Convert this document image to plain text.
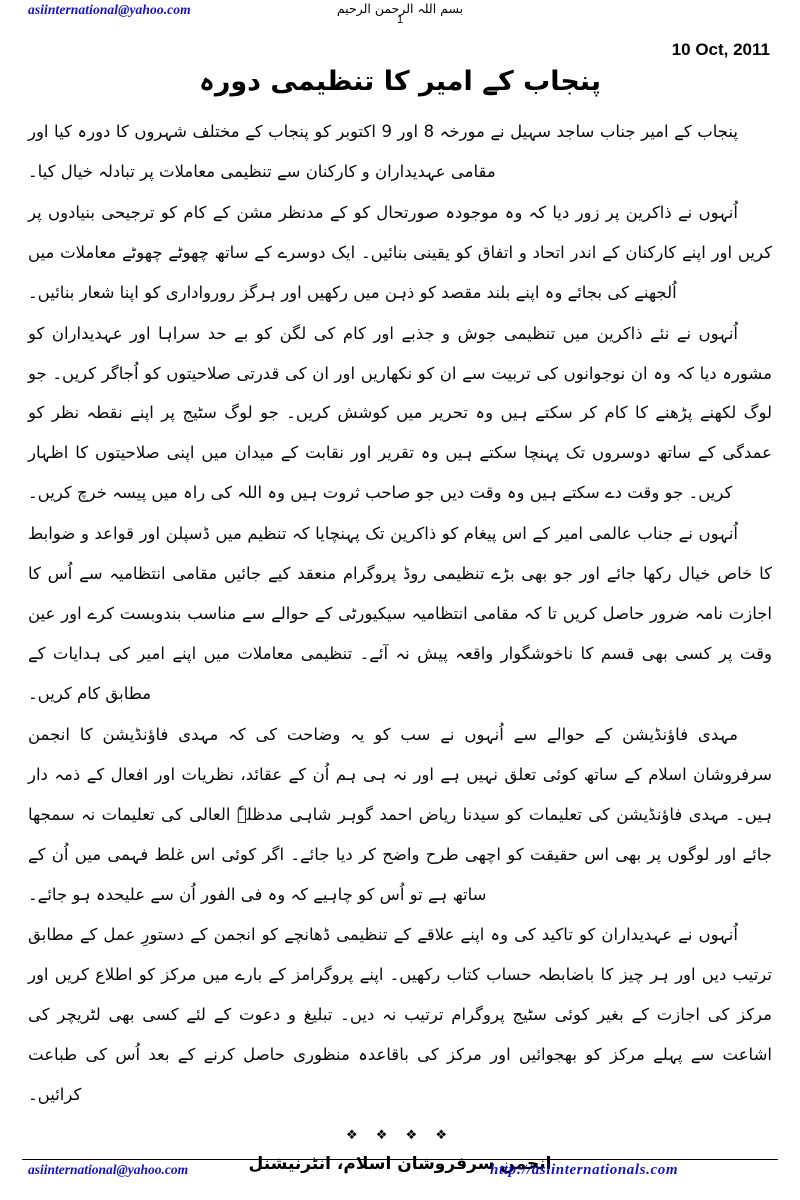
asiinternational@yahoo.com	بسم اللہ الرحمن الرحیم
1
10 Oct, 2011
پنجاب کے امیر کا تنظیمی دورہ

پنجاب کے امیر جناب ساجد سہیل نے مورخہ 8 اور 9 اکتوبر کو پنجاب کے مختلف شہروں کا دورہ کیا اور مقامی عہدیداران و کارکنان سے تنظیمی معاملات پر تبادلہ خیال کیا۔

اُنہوں نے ذاکرین پر زور دیا کہ وہ موجودہ صورتحال کو کے مدنظر مشن کے کام کو ترجیحی بنیادوں پر کریں اور اپنے کارکنان کے اندر اتحاد و اتفاق کو یقینی بنائیں۔ ایک دوسرے کے ساتھ چھوٹے چھوٹے معاملات میں اُلجھنے کی بجائے وہ اپنے بلند مقصد کو ذہن میں رکھیں اور ہرگز رورواداری کو اپنا شعار بنائیں۔

اُنہوں نے نئے ذاکرین میں تنظیمی جوش و جذبے اور کام کی لگن کو بے حد سراہا اور عہدیداران کو مشورہ دیا کہ وہ ان نوجوانوں کی تربیت سے ان کو نکھاریں اور ان کی قدرتی صلاحیتوں کو اُجاگر کریں۔ جو لوگ لکھنے پڑھنے کا کام کر سکتے ہیں وہ تحریر میں کوشش کریں۔ جو لوگ سٹیج پر اپنے نقطہ نظر کو عمدگی کے ساتھ دوسروں تک پہنچا سکتے ہیں وہ تقریر اور نقابت کے میدان میں اپنی صلاحیتوں کا اظہار کریں۔ جو وقت دے سکتے ہیں وہ وقت دیں جو صاحب ثروت ہیں وہ اللہ کی راہ میں پیسہ خرچ کریں۔

اُنہوں نے جناب عالمی امیر کے اس پیغام کو ذاکرین تک پہنچایا کہ تنظیم میں ڈسپلن اور قواعد و ضوابط کا خاص خیال رکھا جائے اور جو بھی بڑے تنظیمی روڈ پروگرام منعقد کیے جائیں مقامی انتظامیہ سے اُس کا اجازت نامہ ضرور حاصل کریں تا کہ مقامی انتظامیہ سیکیورٹی کے حوالے سے مناسب بندوبست کرے اور عین وقت پر کسی بھی قسم کا ناخوشگوار واقعہ پیش نہ آئے۔ تنظیمی معاملات میں اپنے امیر کی ہدایات کے مطابق کام کریں۔

مہدی فاؤنڈیشن کے حوالے سے اُنہوں نے سب کو یہ وضاحت کی کہ مہدی فاؤنڈیشن کا انجمن سرفروشان اسلام کے ساتھ کوئی تعلق نہیں ہے اور نہ ہی ہم اُن کے عقائد، نظریات اور افعال کے ذمہ دار ہیں۔ مہدی فاؤنڈیشن کی تعلیمات کو سیدنا ریاض احمد گوہر شاہی مدظلہٗ العالی کی تعلیمات نہ سمجھا جائے اور لوگوں پر بھی اس حقیقت کو اچھی طرح واضح کر دیا جائے۔ اگر کوئی اس غلط فہمی میں اُن کے ساتھ ہے تو اُس کو چاہیے کہ وہ فی الفور اُن سے علیحدہ ہو جائے۔

اُنہوں نے عہدیداران کو تاکید کی وہ اپنے علاقے کے تنظیمی ڈھانچے کو انجمن کے دستورِ عمل کے مطابق ترتیب دیں اور ہر چیز کا باضابطہ حساب کتاب رکھیں۔ اپنے پروگرامز کے بارے میں مرکز کو اطلاع کریں اور مرکز کی اجازت کے بغیر کوئی سٹیج پروگرام ترتیب نہ دیں۔ تبلیغ و دعوت کے لئے کسی بھی لٹریچر کی اشاعت سے پہلے مرکز کو بھجوائیں اور مرکز کی باقاعدہ منظوری حاصل کرنے کے بعد اُس کی طباعت کرائیں۔

❖ ❖ ❖ ❖
انجمن سرفروشان اسلام، انٹرنیشنل
asiinternational@yahoo.com	http://asiinternationals.com
